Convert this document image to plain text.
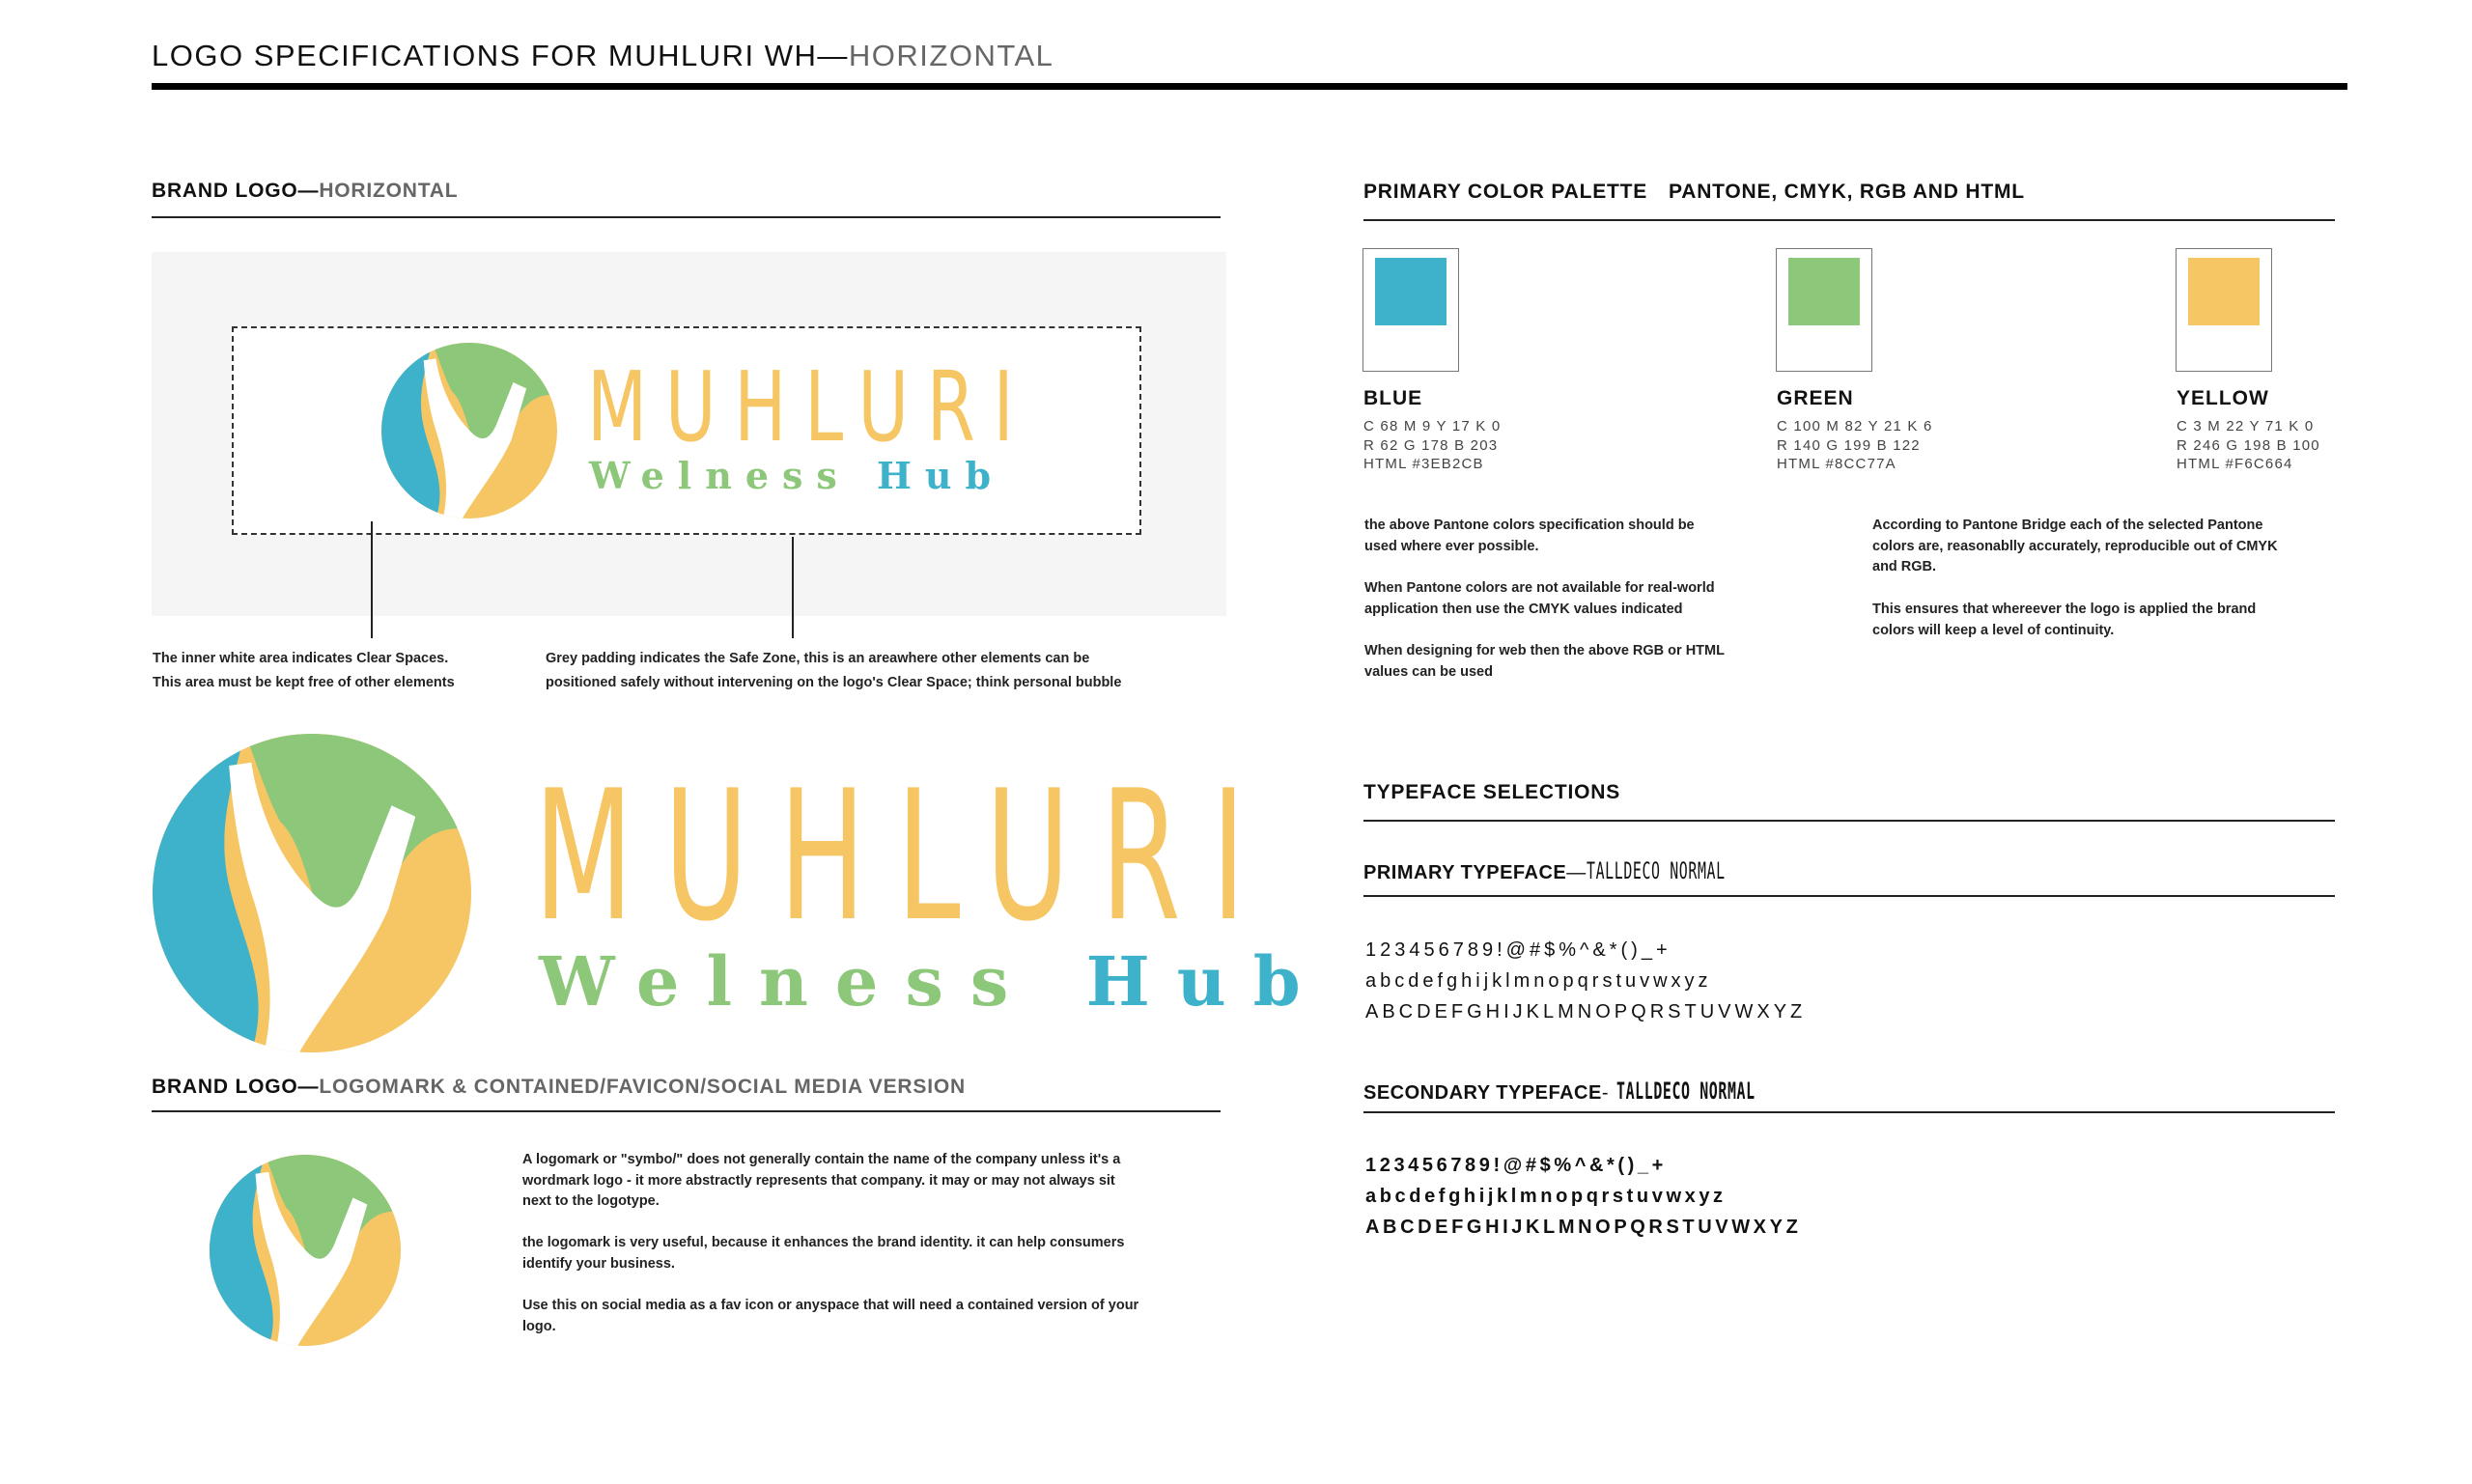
LOGO SPECIFICATIONS FOR MUHLURI WH—HORIZONTAL
BRAND LOGO—HORIZONTAL
MUHLURI
Welness Hub
The inner white area indicates Clear Spaces.
This area must be kept free of other elements
Grey padding indicates the Safe Zone, this is an areawhere other elements can be
positioned safely without intervening on the logo's Clear Space; think personal bubble
MUHLURI
Welness Hub
BRAND LOGO—LOGOMARK & CONTAINED/FAVICON/SOCIAL MEDIA VERSION
A logomark or "symbo/" does not generally contain the name of the company unless it's a
wordmark logo - it more abstractly represents that company. it may or may not always sit
next to the logotype.
the logomark is very useful, because it enhances the brand identity. it can help consumers
identify your business.
Use this on social media as a fav icon or anyspace that will need a contained version of your
logo.
PRIMARY COLOR PALETTE PANTONE, CMYK, RGB AND HTML
BLUE
C 68 M 9 Y 17 K 0
R 62 G 178 B 203
HTML #3EB2CB
GREEN
C 100 M 82 Y 21 K 6
R 140 G 199 B 122
HTML #8CC77A
YELLOW
C 3 M 22 Y 71 K 0
R 246 G 198 B 100
HTML #F6C664
the above Pantone colors specification should be
used where ever possible.
When Pantone colors are not available for real-world
application then use the CMYK values indicated
When designing for web then the above RGB or HTML
values can be used
According to Pantone Bridge each of the selected Pantone
colors are, reasonablly accurately, reproducible out of CMYK
and RGB.
This ensures that whereever the logo is applied the brand
colors will keep a level of continuity.
TYPEFACE SELECTIONS
PRIMARY TYPEFACE — TALLDECO NORMAL
123456789!@#$%^&*()_+
abcdefghijklmnopqrstuvwxyz
ABCDEFGHIJKLMNOPQRSTUVWXYZ
SECONDARY TYPEFACE - TALLDECO NORMAL
123456789!@#$%^&*()_+
abcdefghijklmnopqrstuvwxyz
ABCDEFGHIJKLMNOPQRSTUVWXYZ
